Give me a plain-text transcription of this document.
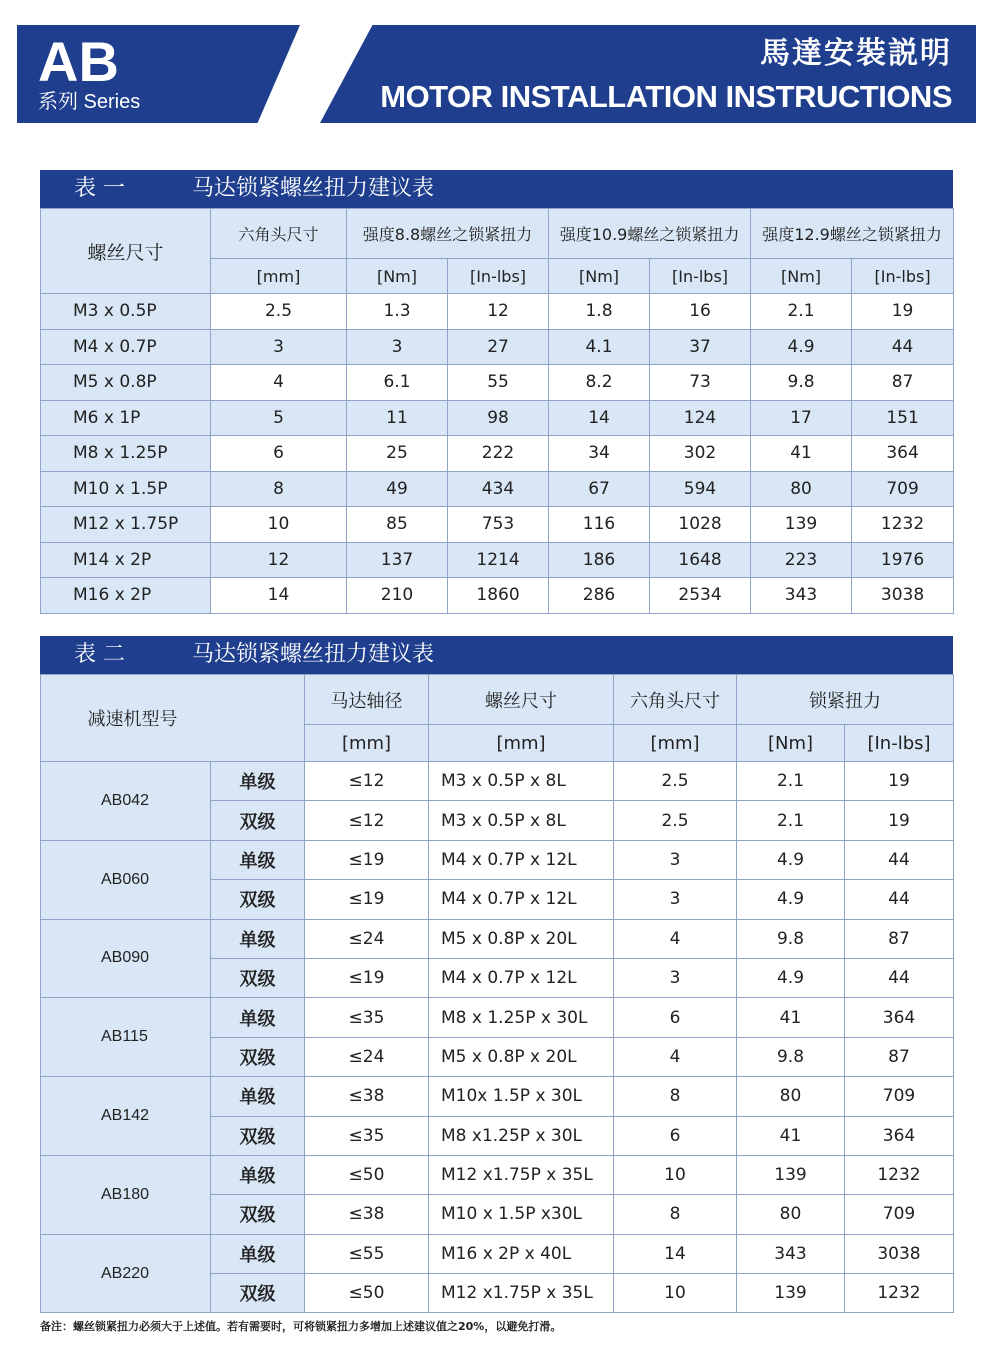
AB
系列 Series
馬達安裝説明
MOTOR INSTALLATION INSTRUCTIONS
表 一	马达锁紧螺丝扭力建议表
螺丝尺寸	六角头尺寸	强度8.8螺丝之锁紧扭力		强度10.9螺丝之锁紧扭力		强度12.9螺丝之锁紧扭力	
	[mm]	[Nm]	[In-lbs]	[Nm]	[In-lbs]	[Nm]	[In-lbs]
M3 x 0.5P	2.5	1.3	12	1.8	16	2.1	19
M4 x 0.7P	3	3	27	4.1	37	4.9	44
M5 x 0.8P	4	6.1	55	8.2	73	9.8	87
M6 x 1P	5	11	98	14	124	17	151
M8 x 1.25P	6	25	222	34	302	41	364
M10 x 1.5P	8	49	434	67	594	80	709
M12 x 1.75P	10	85	753	116	1028	139	1232
M14 x 2P	12	137	1214	186	1648	223	1976
M16 x 2P	14	210	1860	286	2534	343	3038
表 二	马达锁紧螺丝扭力建议表
减速机型号		马达轴径	螺丝尺寸	六角头尺寸	锁紧扭力	
		[mm]	[mm]	[mm]	[Nm]	[In-lbs]
AB042	单级	≤12	M3 x 0.5P x 8L	2.5	2.1	19
	双级	≤12	M3 x 0.5P x 8L	2.5	2.1	19
AB060	单级	≤19	M4 x 0.7P x 12L	3	4.9	44
	双级	≤19	M4 x 0.7P x 12L	3	4.9	44
AB090	单级	≤24	M5 x 0.8P x 20L	4	9.8	87
	双级	≤19	M4 x 0.7P x 12L	3	4.9	44
AB115	单级	≤35	M8 x 1.25P x 30L	6	41	364
	双级	≤24	M5 x 0.8P x 20L	4	9.8	87
AB142	单级	≤38	M10x 1.5P x 30L	8	80	709
	双级	≤35	M8 x1.25P x 30L	6	41	364
AB180	单级	≤50	M12 x1.75P x 35L	10	139	1232
	双级	≤38	M10 x 1.5P x30L	8	80	709
AB220	单级	≤55	M16 x 2P x 40L	14	343	3038
	双级	≤50	M12 x1.75P x 35L	10	139	1232
备注：螺丝锁紧扭力必须大于上述值。若有需要时，可将锁紧扭力多增加上述建议值之20%，以避免打滑。
